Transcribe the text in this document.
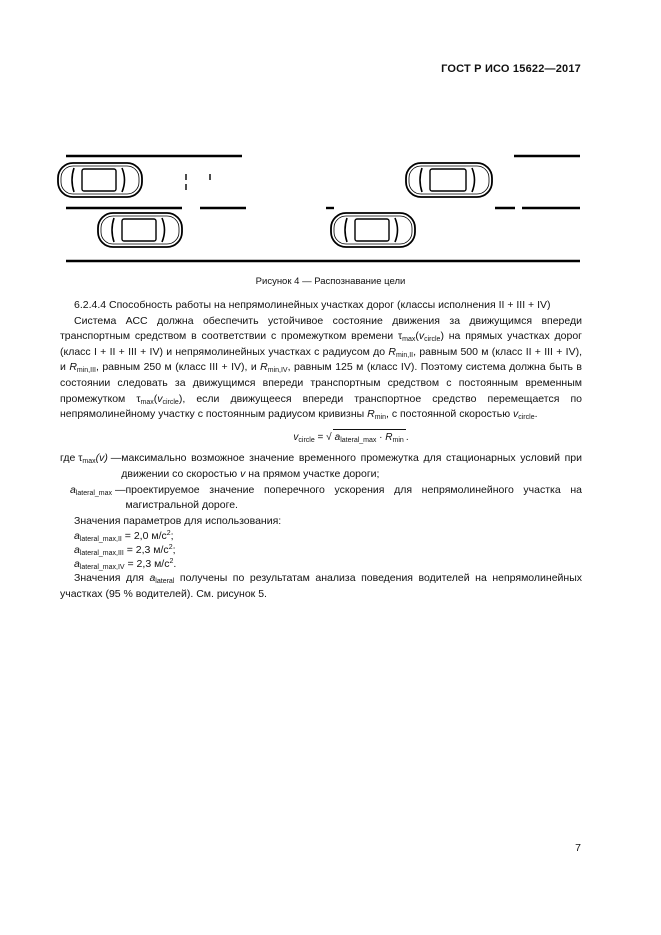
ГОСТ Р ИСО 15622—2017
Рисунок 4 — Распознавание цели

6.2.4.4 Способность работы на непрямолинейных участках дорог (классы исполнения II + III + IV)

Система АСС должна обеспечить устойчивое состояние движения за движущимся впереди транспортным средством в соответствии с промежутком времени $\tau_{max}(v_{circle})$ на прямых участках дорог (класс I + II + III + IV) и непрямолинейных участках с радиусом до $R_{min,II}$, равным 500 м (класс II + III + IV), и $R_{min,III}$, равным 250 м (класс III + IV), и $R_{min,IV}$, равным 125 м (класс IV). Поэтому система должна быть в состоянии следовать за движущимся впереди транспортным средством с постоянным временным промежутком $\tau_{max}(v_{circle})$, если движущееся впереди транспортное средство перемещается по непрямолинейному участку с постоянным радиусом кривизны $R_{min}$, с постоянной скоростью $v_{circle}$.

$v_{circle}$ = √ $a_{lateral\_max} \cdot R_{min}$ .
где $\tau_{max}(v)$ — максимально возможное значение временного промежутка для стационарных условий при движении со скоростью v на прямом участке дороги;
$a_{lateral\_max}$ — проектируемое значение поперечного ускорения для непрямолинейного участка на магистральной дороге.

Значения параметров для использования:

$a_{lateral\_max,II} = 2,0$ $м/с^2$;

$a_{lateral\_max,III} = 2,3$ $м/с^2$;

$a_{lateral\_max,IV} = 2,3$ $м/с^2$.

Значения для $a_{lateral}$ получены по результатам анализа поведения водителей на непрямолинейных участках (95 % водителей). См. рисунок 5.

7
